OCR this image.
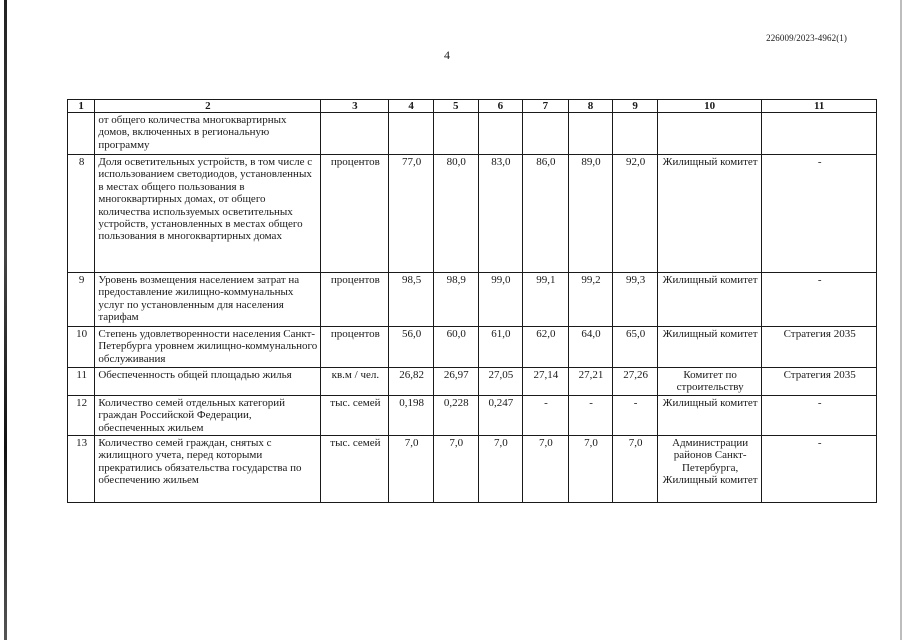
226009/2023-4962(1)
4
1	2	3	4	5	6	7	8	9	10	11
	от общего количества многоквартирных домов, включенных в региональную программу									
8	Доля осветительных устройств, в том числе с использованием светодиодов, установленных в местах общего пользования в многоквартирных домах, от общего количества используемых осветительных устройств, установленных в местах общего пользования в многоквартирных домах	процентов	77,0	80,0	83,0	86,0	89,0	92,0	Жилищный комитет	-
9	Уровень возмещения населением затрат на предоставление жилищно-коммунальных услуг по установленным для населения тарифам	процентов	98,5	98,9	99,0	99,1	99,2	99,3	Жилищный комитет	-
10	Степень удовлетворенности населения Санкт-Петербурга уровнем жилищно-коммунального обслуживания	процентов	56,0	60,0	61,0	62,0	64,0	65,0	Жилищный комитет	Стратегия 2035
11	Обеспеченность общей площадью жилья	кв.м / чел.	26,82	26,97	27,05	27,14	27,21	27,26	Комитет по строительству	Стратегия 2035
12	Количество семей отдельных категорий граждан Российской Федерации, обеспеченных жильем	тыс. семей	0,198	0,228	0,247	-	-	-	Жилищный комитет	-
13	Количество семей граждан, снятых с жилищного учета, перед которыми прекратились обязательства государства по обеспечению жильем	тыс. семей	7,0	7,0	7,0	7,0	7,0	7,0	Администрации районов Санкт-Петербурга, Жилищный комитет	-
